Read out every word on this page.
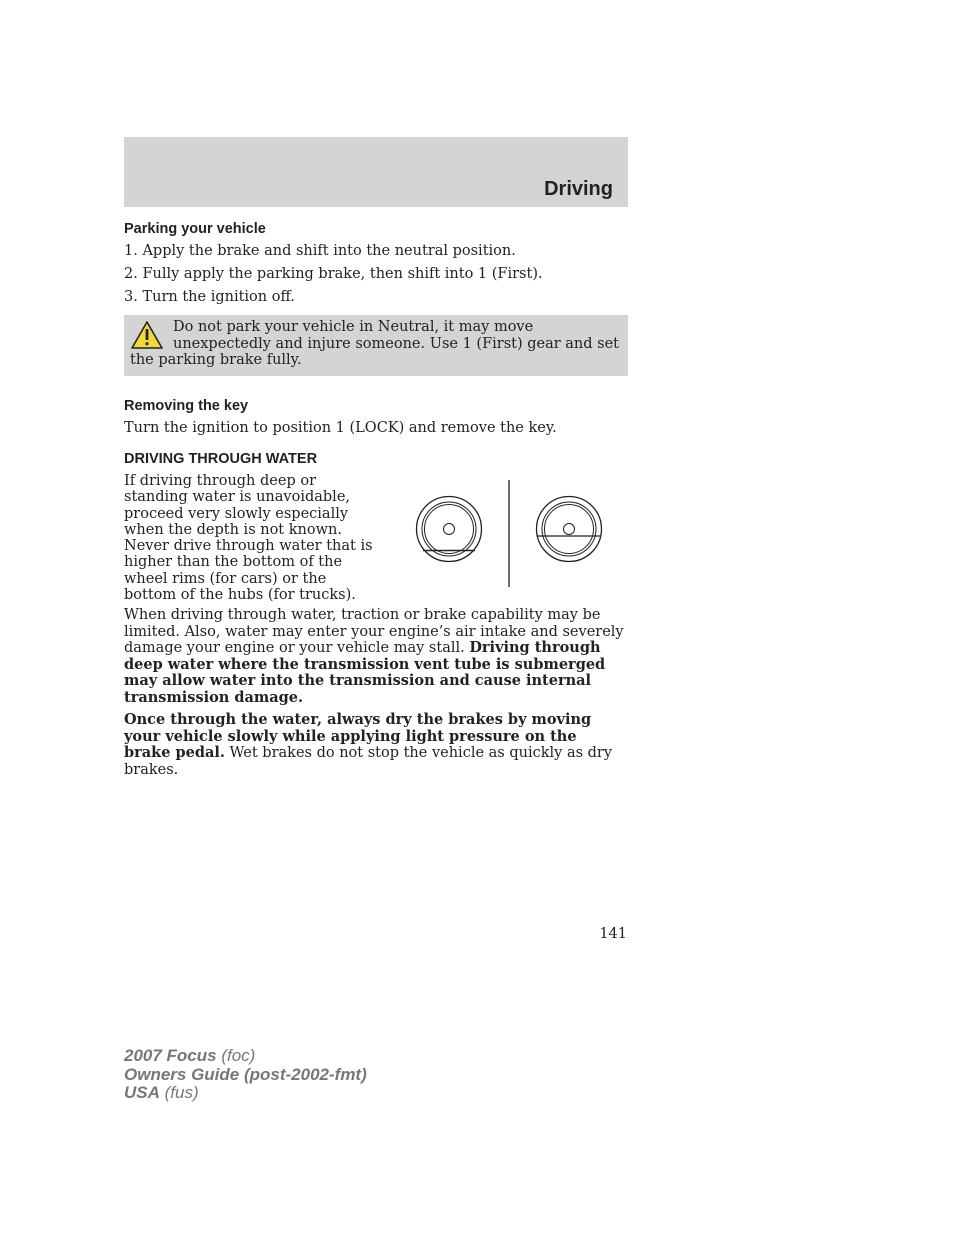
Driving
Parking your vehicle

1. Apply the brake and shift into the neutral position.

2. Fully apply the parking brake, then shift into 1 (First).

3. Turn the ignition off.

Do not park your vehicle in Neutral, it may move unexpectedly and injure someone. Use 1 (First) gear and set the parking brake fully.
Removing the key

Turn the ignition to position 1 (LOCK) and remove the key.

DRIVING THROUGH WATER
If driving through deep or standing water is unavoidable, proceed very slowly especially when the depth is not known. Never drive through water that is higher than the bottom of the wheel rims (for cars) or the bottom of the hubs (for trucks).

When driving through water, traction or brake capability may be limited. Also, water may enter your engine’s air intake and severely damage your engine or your vehicle may stall. Driving through deep water where the transmission vent tube is submerged may allow water into the transmission and cause internal transmission damage.

Once through the water, always dry the brakes by moving your vehicle slowly while applying light pressure on the brake pedal. Wet brakes do not stop the vehicle as quickly as dry brakes.

141
2007 Focus (foc)
Owners Guide (post-2002-fmt)
USA (fus)
